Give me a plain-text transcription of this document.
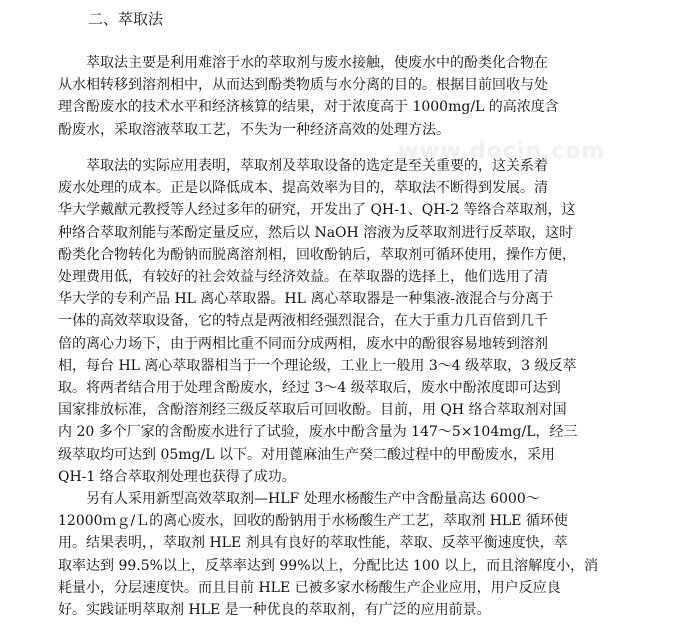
二、萃取法
萃取法主要是利用难溶于水的萃取剂与废水接触，使废水中的酚类化合物在
从水相转移到溶剂相中，从而达到酚类物质与水分离的目的。根据目前回收与处
理含酚废水的技术水平和经济核算的结果，对于浓度高于 1000mg/L 的高浓度含
酚废水，采取溶液萃取工艺，不失为一种经济高效的处理方法。
萃取法的实际应用表明，萃取剂及萃取设备的选定是至关重要的，这关系着
废水处理的成本。正是以降低成本、提高效率为目的，萃取法不断得到发展。清
华大学戴猷元教授等人经过多年的研究，开发出了 QH-1、QH-2 等络合萃取剂，这
种络合萃取剂能与苯酚定量反应，然后以 NaOH 溶液为反萃取剂进行反萃取，这时
酚类化合物转化为酚钠而脱离溶剂相，回收酚钠后，萃取剂可循环使用，操作方便，
处理费用低，有较好的社会效益与经济效益。在萃取器的选择上，他们选用了清
华大学的专利产品 HL 离心萃取器。HL 离心萃取器是一种集液-液混合与分离于
一体的高效萃取设备，它的特点是两液相经强烈混合，在大于重力几百倍到几千
倍的离心力场下，由于两相比重不同而分成两相，废水中的酚很容易地转到溶剂
相，每台 HL 离心萃取器相当于一个理论级，工业上一般用 3～4 级萃取，3 级反萃
取。将两者结合用于处理含酚废水，经过 3～4 级萃取后，废水中酚浓度即可达到
国家排放标准，含酚溶剂经三级反萃取后可回收酚。目前，用 QH 络合萃取剂对国
内 20 多个厂家的含酚废水进行了试验，废水中酚含量为 147～5×104mg/L，经三
级萃取均可达到 05mg/L 以下。对用蓖麻油生产癸二酸过程中的甲酚废水，采用
QH-1 络合萃取剂处理也获得了成功。
另有人采用新型高效萃取剂—HLF 处理水杨酸生产中含酚量高达 6000～
12000ｍｇ/Ｌ的离心废水，回收的酚钠用于水杨酸生产工艺，萃取剂 HLE 循环使
用。结果表明，，萃取剂 HLE 剂具有良好的萃取性能，萃取、反萃平衡速度快，萃
取率达到 99.5%以上，反萃率达到 99%以上，分配比达 100 以上，而且溶解度小，消
耗量小，分层速度快。而且目前 HLE 已被多家水杨酸生产企业应用，用户反应良
好。实践证明萃取剂 HLE 是一种优良的萃取剂，有广泛的应用前景。
www.docin.com
